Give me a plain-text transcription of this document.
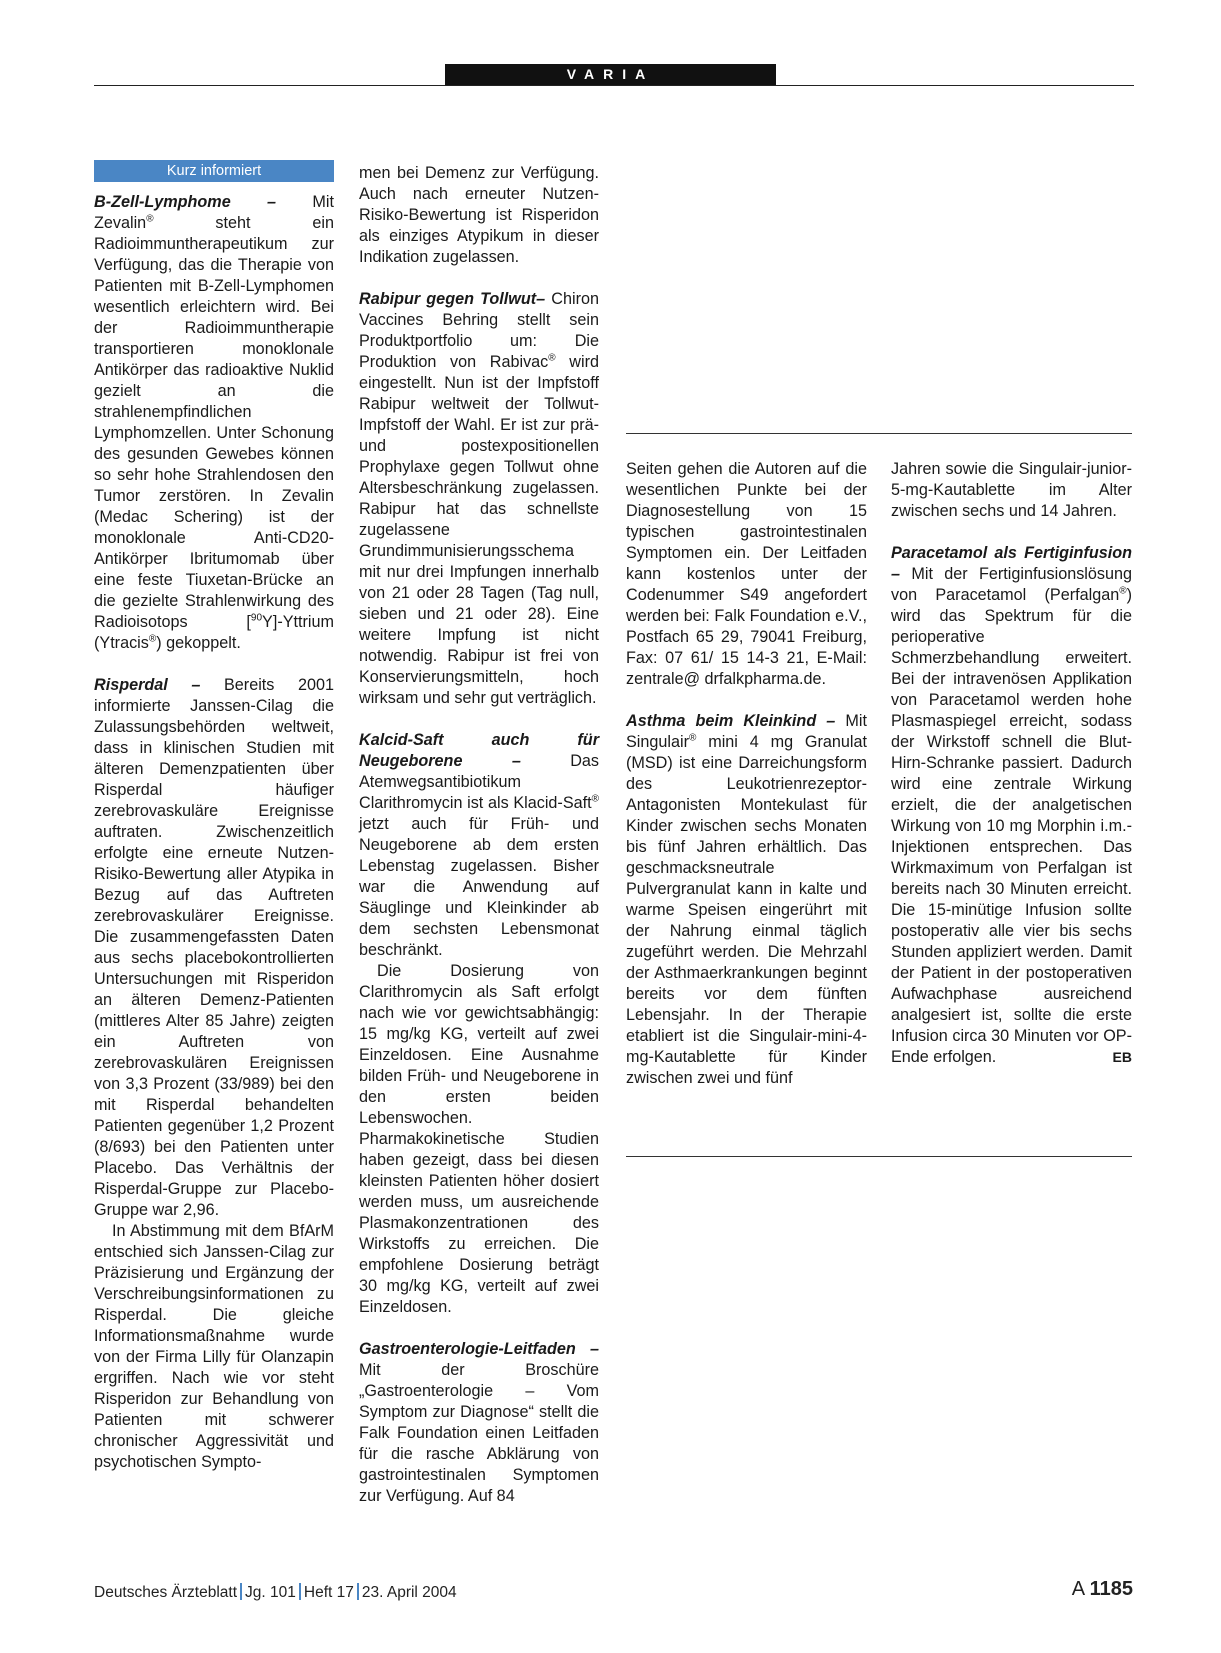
VARIA
Kurz informiert

B-Zell-Lymphome – Mit Zevalin® steht ein Radioimmuntherapeutikum zur Verfügung, das die Therapie von Patienten mit B-Zell-Lymphomen wesentlich erleichtern wird. Bei der Radioimmuntherapie transportieren monoklonale Antikörper das radioaktive Nuklid gezielt an die strahlenempfindlichen Lymphomzellen. Unter Schonung des gesunden Gewebes können so sehr hohe Strahlendosen den Tumor zerstören. In Zevalin (Medac Schering) ist der monoklonale Anti-CD20-Antikörper Ibritumomab über eine feste Tiuxetan-Brücke an die gezielte Strahlenwirkung des Radioisotops [$^{90}$Y]-Yttrium (Ytracis®) gekoppelt.

Risperdal – Bereits 2001 informierte Janssen-Cilag die Zulassungsbehörden weltweit, dass in klinischen Studien mit älteren Demenzpatienten über Risperdal häufiger zerebrovaskuläre Ereignisse auftraten. Zwischenzeitlich erfolgte eine erneute Nutzen-Risiko-Bewertung aller Atypika in Bezug auf das Auftreten zerebrovaskulärer Ereignisse. Die zusammengefassten Daten aus sechs placebokontrollierten Untersuchungen mit Risperidon an älteren Demenz-Patienten (mittleres Alter 85 Jahre) zeigten ein Auftreten von zerebrovaskulären Ereignissen von 3,3 Prozent (33/989) bei den mit Risperdal behandelten Patienten gegenüber 1,2 Prozent (8/693) bei den Patienten unter Placebo. Das Verhältnis der Risperdal-Gruppe zur Placebo-Gruppe war 2,96.

In Abstimmung mit dem BfArM entschied sich Janssen-Cilag zur Präzisierung und Ergänzung der Verschreibungsinformationen zu Risperdal. Die gleiche Informationsmaßnahme wurde von der Firma Lilly für Olanzapin ergriffen. Nach wie vor steht Risperidon zur Behandlung von Patienten mit schwerer chronischer Aggressivität und psychotischen Sympto-

men bei Demenz zur Verfügung. Auch nach erneuter Nutzen-Risiko-Bewertung ist Risperidon als einziges Atypikum in dieser Indikation zugelassen.

Rabipur gegen Tollwut– Chiron Vaccines Behring stellt sein Produktportfolio um: Die Produktion von Rabivac® wird eingestellt. Nun ist der Impfstoff Rabipur weltweit der Tollwut-Impfstoff der Wahl. Er ist zur prä- und postexpositionellen Prophylaxe gegen Tollwut ohne Altersbeschränkung zugelassen. Rabipur hat das schnellste zugelassene Grundimmunisierungsschema mit nur drei Impfungen innerhalb von 21 oder 28 Tagen (Tag null, sieben und 21 oder 28). Eine weitere Impfung ist nicht notwendig. Rabipur ist frei von Konservierungsmitteln, hoch wirksam und sehr gut verträglich.

Kalcid-Saft auch für Neugeborene – Das Atemwegsantibiotikum Clarithromycin ist als Klacid-Saft® jetzt auch für Früh- und Neugeborene ab dem ersten Lebenstag zugelassen. Bisher war die Anwendung auf Säuglinge und Kleinkinder ab dem sechsten Lebensmonat beschränkt.

Die Dosierung von Clarithromycin als Saft erfolgt nach wie vor gewichtsabhängig: 15 mg/kg KG, verteilt auf zwei Einzeldosen. Eine Ausnahme bilden Früh- und Neugeborene in den ersten beiden Lebenswochen. Pharmakokinetische Studien haben gezeigt, dass bei diesen kleinsten Patienten höher dosiert werden muss, um ausreichende Plasmakonzentrationen des Wirkstoffs zu erreichen. Die empfohlene Dosierung beträgt 30 mg/kg KG, verteilt auf zwei Einzeldosen.

Gastroenterologie-Leitfaden – Mit der Broschüre „Gastroenterologie – Vom Symptom zur Diagnose“ stellt die Falk Foundation einen Leitfaden für die rasche Abklärung von gastrointestinalen Symptomen zur Verfügung. Auf 84

Seiten gehen die Autoren auf die wesentlichen Punkte bei der Diagnosestellung von 15 typischen gastrointestinalen Symptomen ein. Der Leitfaden kann kostenlos unter der Codenummer S49 angefordert werden bei: Falk Foundation e.V., Postfach 65 29, 79041 Freiburg, Fax: 07 61/ 15 14-3 21, E-Mail: zentrale@ drfalkpharma.de.

Asthma beim Kleinkind – Mit Singulair® mini 4 mg Granulat (MSD) ist eine Darreichungsform des Leukotrienrezeptor-Antagonisten Montekulast für Kinder zwischen sechs Monaten bis fünf Jahren erhältlich. Das geschmacksneutrale Pulvergranulat kann in kalte und warme Speisen eingerührt mit der Nahrung einmal täglich zugeführt werden. Die Mehrzahl der Asthmaerkrankungen beginnt bereits vor dem fünften Lebensjahr. In der Therapie etabliert ist die Singulair-mini-4-mg-Kautablette für Kinder zwischen zwei und fünf

Jahren sowie die Singulair-junior-5-mg-Kautablette im Alter zwischen sechs und 14 Jahren.

Paracetamol als Fertiginfusion – Mit der Fertiginfusionslösung von Paracetamol (Perfalgan®) wird das Spektrum für die perioperative Schmerzbehandlung erweitert. Bei der intravenösen Applikation von Paracetamol werden hohe Plasmaspiegel erreicht, sodass der Wirkstoff schnell die Blut-Hirn-Schranke passiert. Dadurch wird eine zentrale Wirkung erzielt, die der analgetischen Wirkung von 10 mg Morphin i.m.-Injektionen entsprechen. Das Wirkmaximum von Perfalgan ist bereits nach 30 Minuten erreicht. Die 15-minütige Infusion sollte postoperativ alle vier bis sechs Stunden appliziert werden. Damit der Patient in der postoperativen Aufwachphase ausreichend analgesiert ist, sollte die erste Infusion circa 30 Minuten vor OP-Ende erfolgen.	EB

Deutsches Ärzteblatt Jg. 101 Heft 17 23. April 2004	A 1185
